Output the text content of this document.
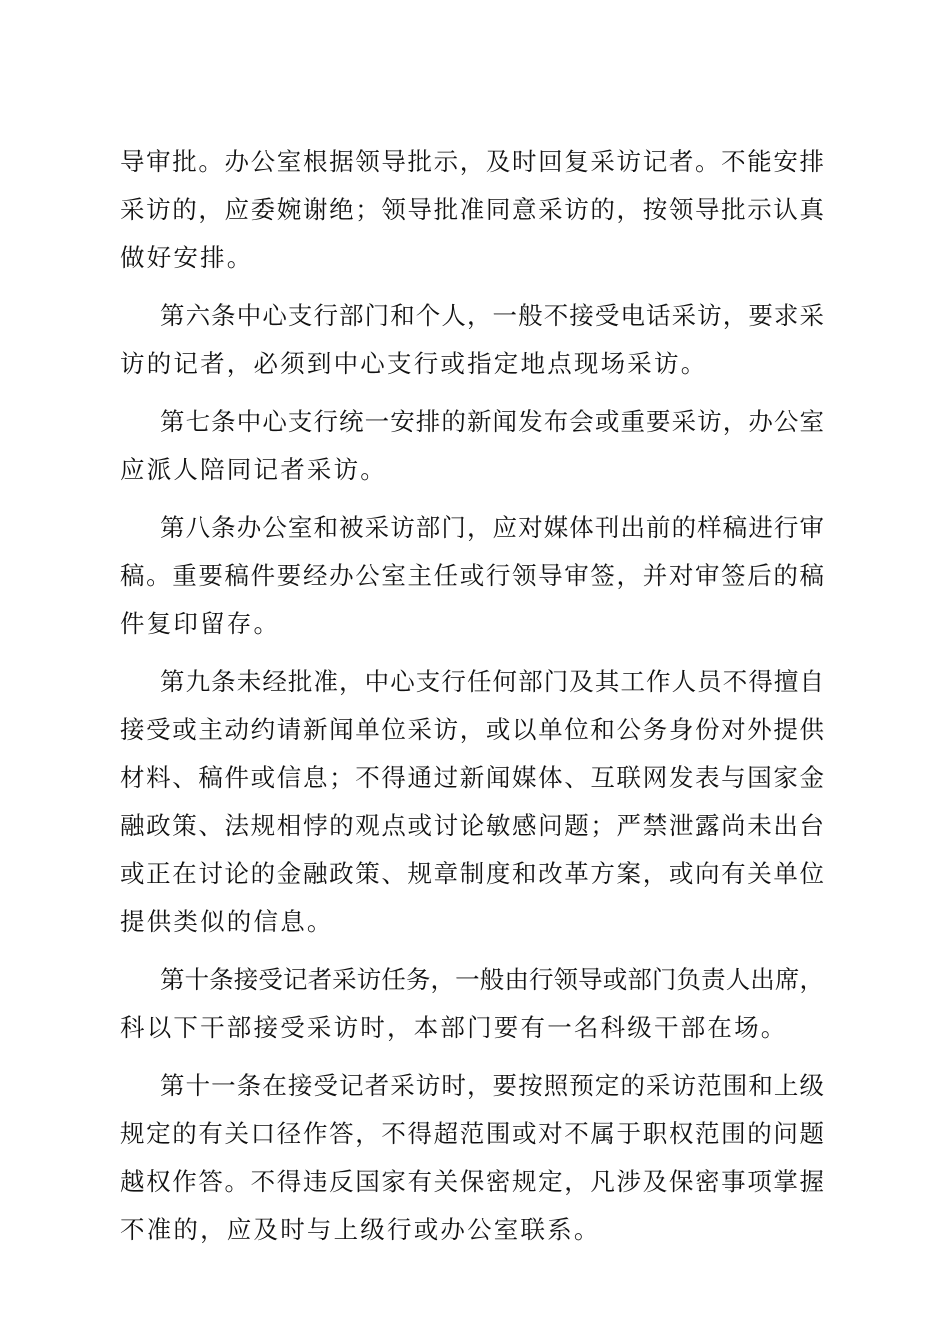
导审批。办公室根据领导批示，及时回复采访记者。不能安排
采访的，应委婉谢绝；领导批准同意采访的，按领导批示认真
做好安排。
第六条中心支行部门和个人，一般不接受电话采访，要求采
访的记者，必须到中心支行或指定地点现场采访。
第七条中心支行统一安排的新闻发布会或重要采访，办公室
应派人陪同记者采访。
第八条办公室和被采访部门，应对媒体刊出前的样稿进行审
稿。重要稿件要经办公室主任或行领导审签，并对审签后的稿
件复印留存。
第九条未经批准，中心支行任何部门及其工作人员不得擅自
接受或主动约请新闻单位采访，或以单位和公务身份对外提供
材料、稿件或信息；不得通过新闻媒体、互联网发表与国家金
融政策、法规相悖的观点或讨论敏感问题；严禁泄露尚未出台
或正在讨论的金融政策、规章制度和改革方案，或向有关单位
提供类似的信息。
第十条接受记者采访任务，一般由行领导或部门负责人出席，
科以下干部接受采访时，本部门要有一名科级干部在场。
第十一条在接受记者采访时，要按照预定的采访范围和上级
规定的有关口径作答，不得超范围或对不属于职权范围的问题
越权作答。不得违反国家有关保密规定，凡涉及保密事项掌握
不准的，应及时与上级行或办公室联系。
